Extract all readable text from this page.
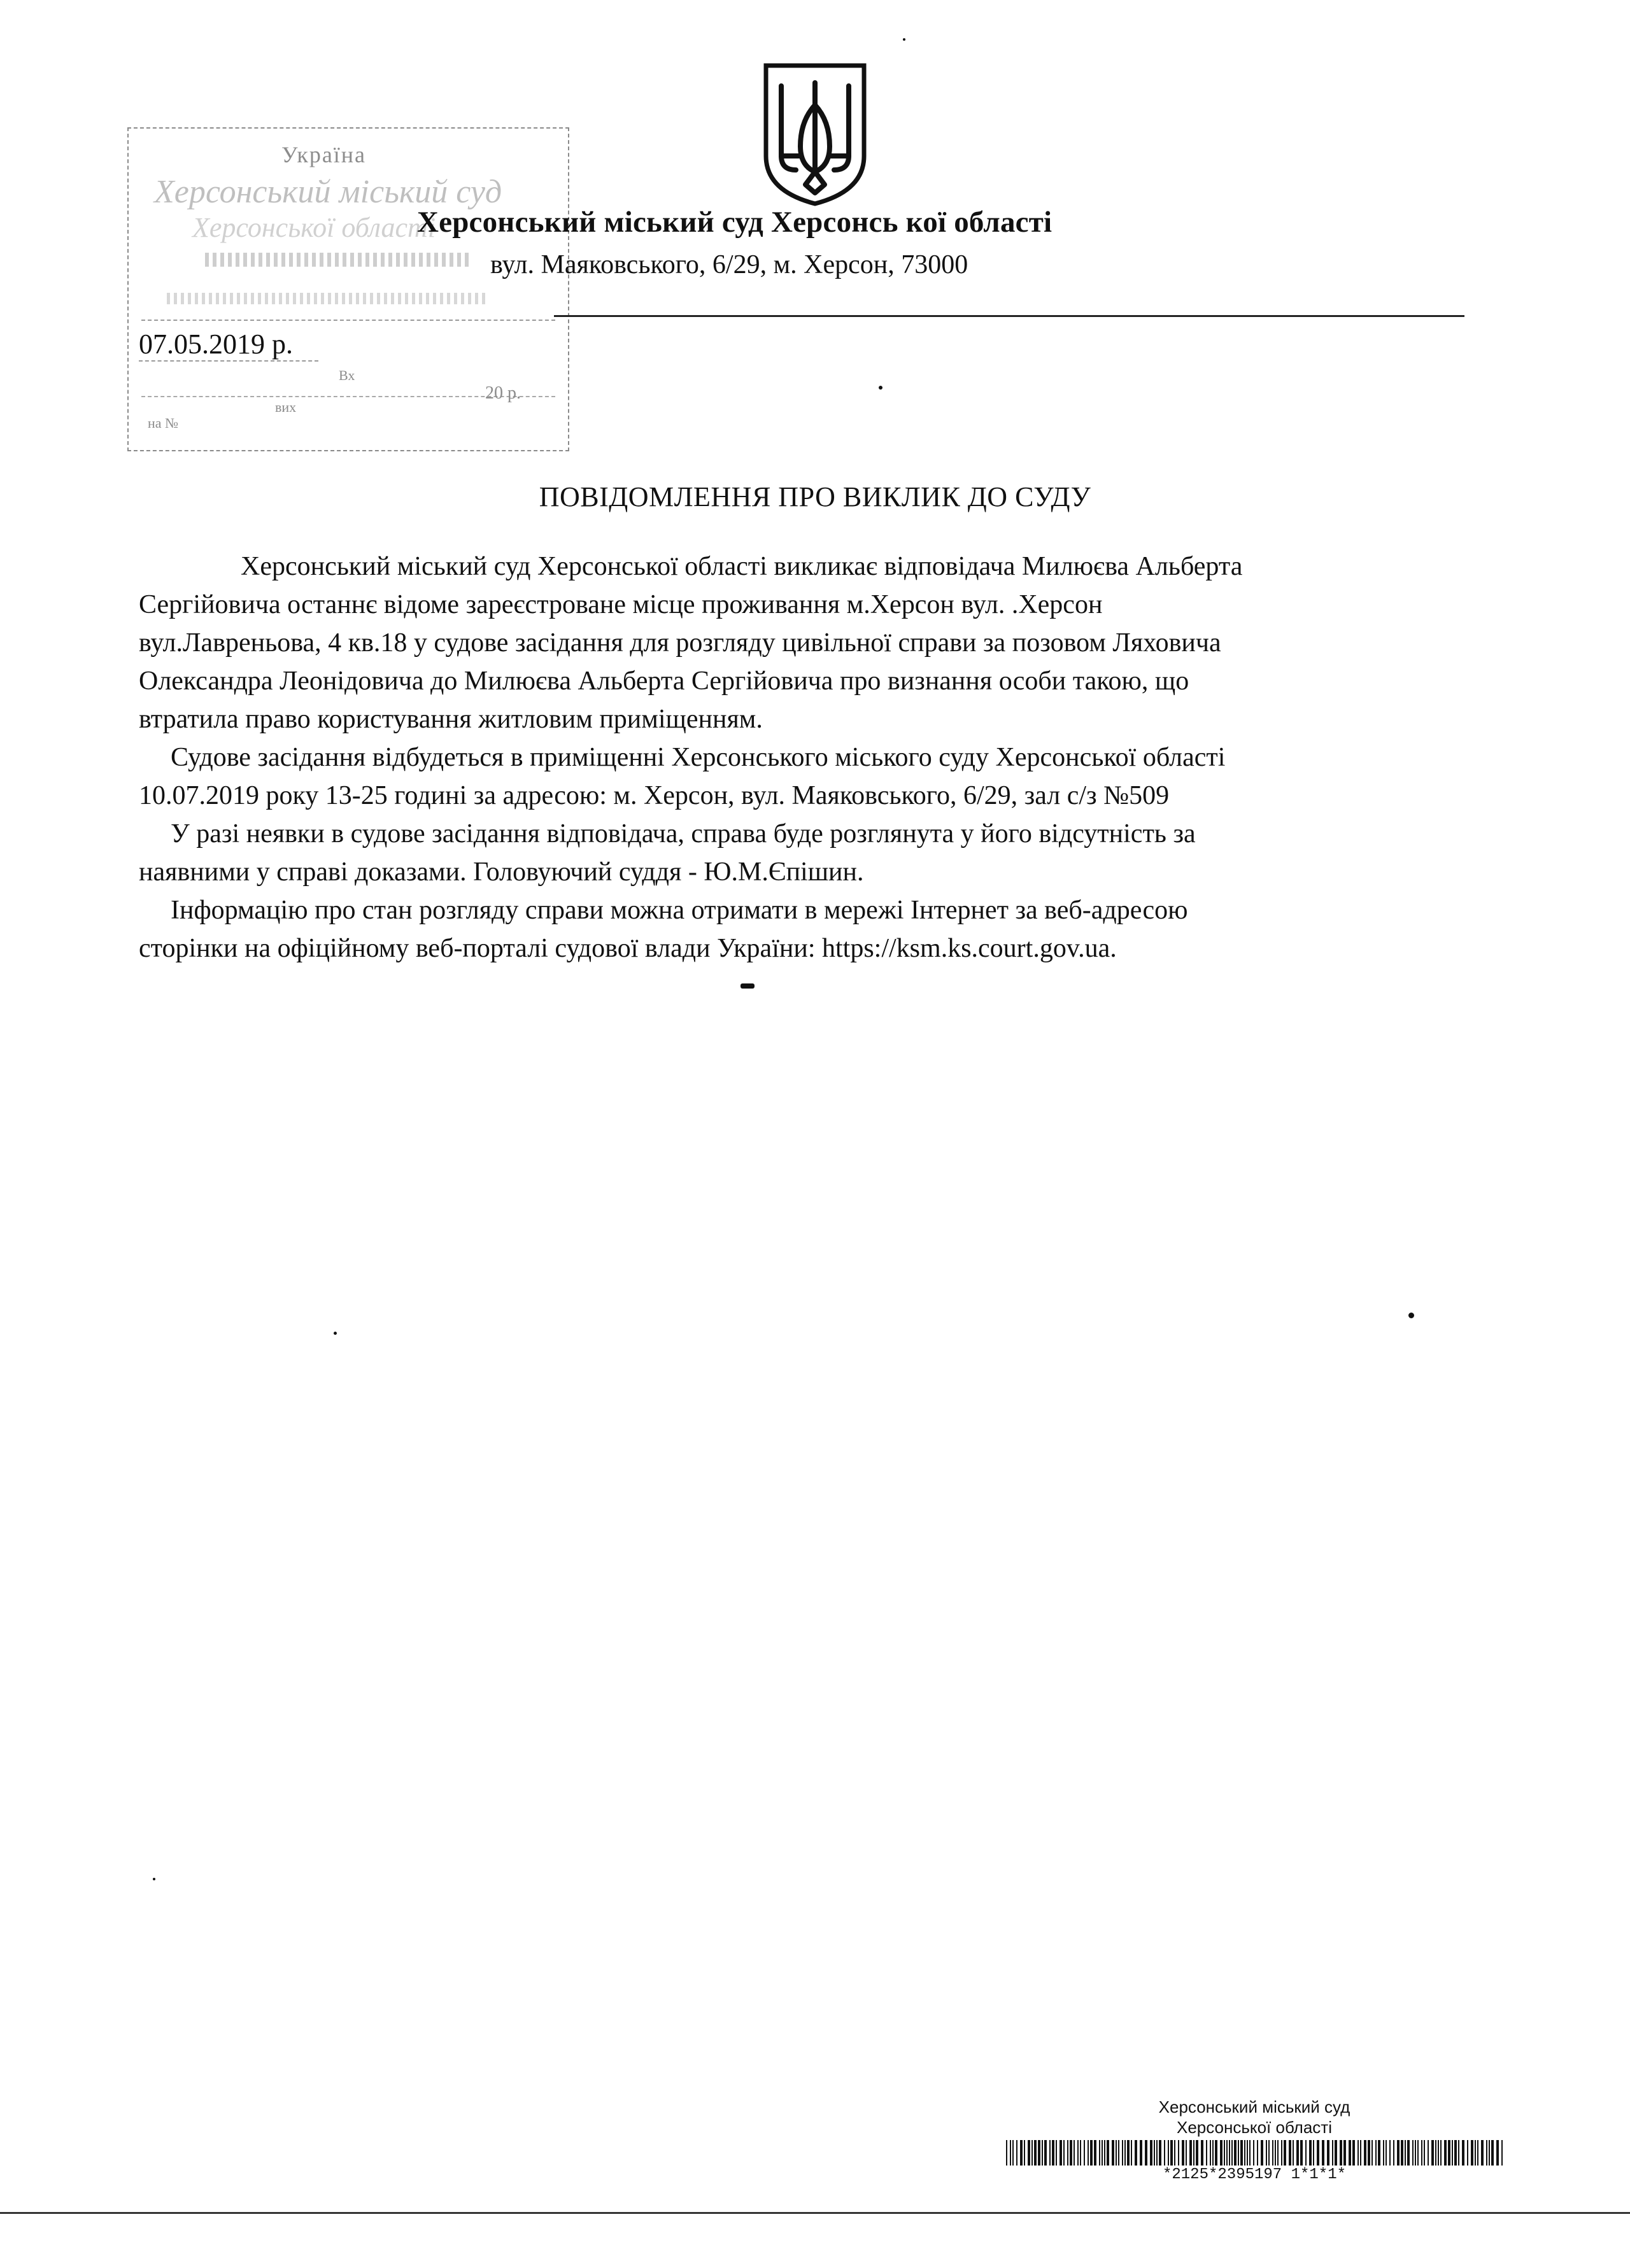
Україна
Херсонський міський суд
Херсонської області
Вх
20 р.
на №
вих
Херсонський міський суд Херсонсь кої області
вул. Маяковського, 6/29, м. Херсон, 73000
07.05.2019 р.
ПОВІДОМЛЕННЯ ПРО ВИКЛИК ДО СУДУ

Херсонський міський суд Херсонської області викликає відповідача Милюєва Альберта
Сергійовича останнє відоме зареєстроване місце проживання м.Херсон вул. .Херсон
вул.Лавреньова, 4 кв.18 у судове засідання для розгляду цивільної справи за позовом Ляховича
Олександра Леонідовича до Милюєва Альберта Сергійовича про визнання особи такою, що
втратила право користування житловим приміщенням.

Судове засідання відбудеться в приміщенні Херсонського міського суду Херсонської області
10.07.2019 року 13-25 годині за адресою: м. Херсон, вул. Маяковського, 6/29, зал с/з №509

У разі неявки в судове засідання відповідача, справа буде розглянута у його відсутність за
наявними у справі доказами. Головуючий суддя - Ю.М.Єпішин.

Інформацію про стан розгляду справи можна отримати в мережі Інтернет за веб-адресою
сторінки на офіційному веб-порталі судової влади України: https://ksm.ks.court.gov.ua.

Херсонський міський суд
Херсонської області
*2125*2395197 1*1*1*
